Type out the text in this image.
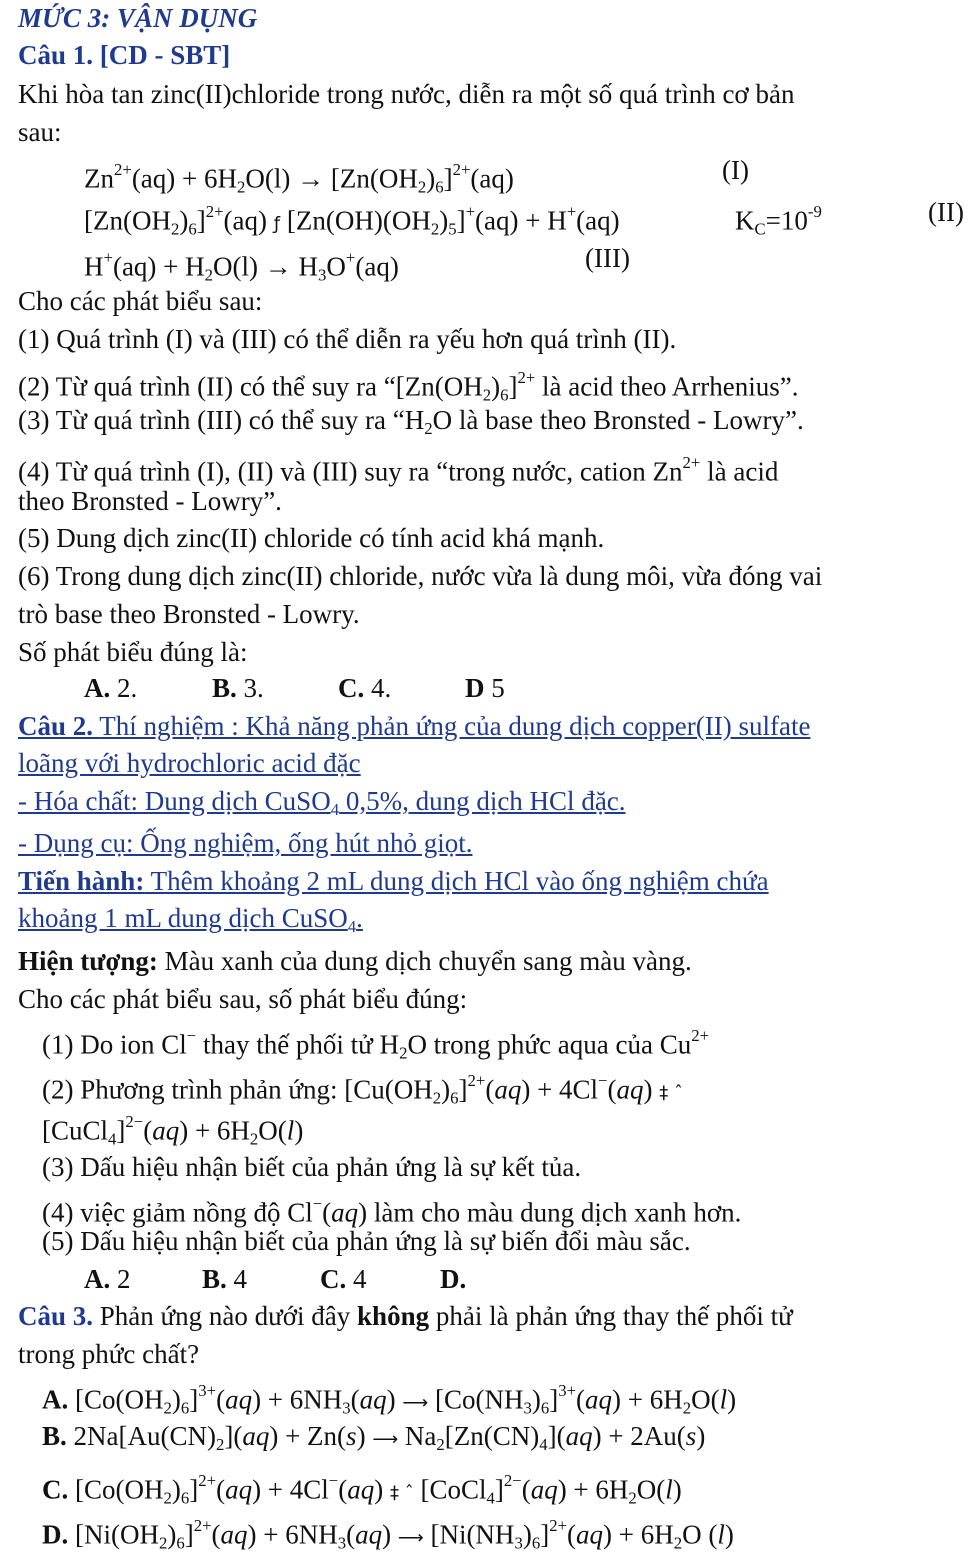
MỨC 3: VẬN DỤNG
Câu 1. [CD - SBT]
Khi hòa tan zinc(II)chloride trong nước, diễn ra một số quá trình cơ bản
sau:
$Zn^{2+}(aq) + 6H_2O(l) \to [Zn(OH_2)_6]^{2+}(aq)$	(I)
$[Zn(OH_2)_6]^{2+}(aq)$ ƒ $[Zn(OH)(OH_2)_5]^+(aq) + H^+(aq)$	$K_C=10^{-9}$	(II)
$H^+(aq) + H_2O(l) \to H_3O^+(aq)$	(III)
Cho các phát biểu sau:
(1) Quá trình (I) và (III) có thể diễn ra yếu hơn quá trình (II).
(2) Từ quá trình (II) có thể suy ra “$[Zn(OH_2)_6]^{2+}$ là acid theo Arrhenius”.
(3) Từ quá trình (III) có thể suy ra “$H_2O$ là base theo Bronsted - Lowry”.
(4) Từ quá trình (I), (II) và (III) suy ra “trong nước, cation $Zn^{2+}$ là acid
theo Bronsted - Lowry”.
(5) Dung dịch zinc(II) chloride có tính acid khá mạnh.
(6) Trong dung dịch zinc(II) chloride, nước vừa là dung môi, vừa đóng vai
trò base theo Bronsted - Lowry.
Số phát biểu đúng là:
A. 2.	B. 3.	C. 4.	D 5
Câu 2. Thí nghiệm : Khả năng phản ứng của dung dịch copper(II) sulfate
loãng với hydrochloric acid đặc
- Hóa chất: Dung dịch CuSO$_4$ 0,5%, dung dịch HCl đặc.
- Dụng cụ: Ống nghiệm, ống hút nhỏ giọt.
Tiến hành: Thêm khoảng 2 mL dung dịch HCl vào ống nghiệm chứa
khoảng 1 mL dung dịch CuSO$_4$.
Hiện tượng: Màu xanh của dung dịch chuyển sang màu vàng.
Cho các phát biểu sau, số phát biểu đúng:
(1) Do ion Cl− thay thế phối tử $H_2O$ trong phức aqua của $Cu^{2+}$
(2) Phương trình phản ứng: $[Cu(OH_2)_6]^{2+}(aq) + 4Cl^-(aq)$ ‡ ˆ
[CuCl$_4$]$^{2-}$(aq) + $6H_2O(l)$
(3) Dấu hiệu nhận biết của phản ứng là sự kết tủa.
(4) việc giảm nồng độ Cl−(aq) làm cho màu dung dịch xanh hơn.
(5) Dấu hiệu nhận biết của phản ứng là sự biến đổi màu sắc.
A. 2	B. 4	C. 4	D.
Câu 3. Phản ứng nào dưới đây không phải là phản ứng thay thế phối tử
trong phức chất?
A. $[Co(OH_2)_6]^{3+}(aq) + 6NH_3(aq)$ ⟶ $[Co(NH_3)_6]^{3+}(aq) + 6H_2O(l)$
B. $2Na[Au(CN)_2](aq) + Zn(s)$ ⟶ $Na_2[Zn(CN)_4](aq) + 2Au(s)$
C. $[Co(OH_2)_6]^{2+}(aq) + 4Cl^-(aq)$ ‡ ˆ [CoCl$_4$]$^{2-}$(aq) + $6H_2O(l)$
D. $[Ni(OH_2)_6]^{2+}(aq) + 6NH_3(aq)$ ⟶ $[Ni(NH_3)_6]^{2+}(aq) + 6H_2O$ (l)
